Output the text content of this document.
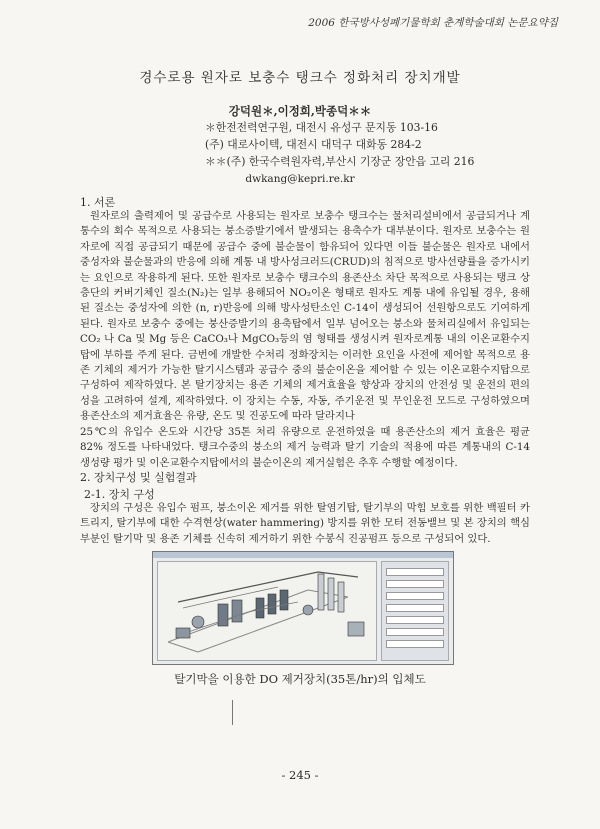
2006 한국방사성폐기물학회 춘계학술대회 논문요약집
경수로용 원자로 보충수 탱크수 정화처리 장치개발
강덕원＊,이정희,박종덕＊＊
＊한전전력연구원, 대전시 유성구 문지동 103-16
(주) 대로사이텍, 대전시 대덕구 대화동 284-2
＊＊(주) 한국수력원자력,부산시 기장군 장안읍 고리 216
dwkang@kepri.re.kr
1. 서론

원자로의 출력제어 및 공급수로 사용되는 원자로 보충수 탱크수는 물처리설비에서 공급되거나 계통수의 회수 목적으로 사용되는 붕소증발기에서 발생되는 용축수가 대부분이다. 원자로 보충수는 원자로에 직접 공급되기 때문에 공급수 중에 불순물이 함유되어 있다면 이들 불순물은 원자로 내에서 중성자와 불순물과의 반응에 의해 계통 내 방사성크러드(CRUD)의 침적으로 방사선량률을 증가시키는 요인으로 작용하게 된다. 또한 원자로 보충수 탱크수의 용존산소 차단 목적으로 사용되는 탱크 상층단의 커버기체인 질소(N₂)는 일부 용해되어 NO₂이온 형태로 원자도 계통 내에 유입될 경우, 용해된 질소는 중성자에 의한 (n, r)반응에 의해 방사성탄소인 C-14이 생성되어 선원항으로도 기여하게 된다. 원자로 보충수 중에는 붕산증발기의 용축탑에서 일부 넘어오는 붕소와 물처리실에서 유입되는 CO₂ 나 Ca 및 Mg 등은 CaCO₃나 MgCO₃등의 염 형태를 생성시켜 원자로계통 내의 이온교환수지탑에 부하를 주게 된다. 금번에 개발한 수처리 정화장치는 이러한 요인을 사전에 제어할 목적으로 용존 기체의 제거가 가능한 탈기시스템과 공급수 중의 불순이온을 제어할 수 있는 이온교환수지탑으로 구성하여 제작하였다. 본 탈기장치는 용존 기체의 제거효율을 향상과 장치의 안전성 및 운전의 편의성을 고려하여 설계, 제작하였다. 이 장치는 수동, 자동, 주기운전 및 무인운전 모드로 구성하였으며 용존산소의 제거효율은 유량, 온도 및 진공도에 따라 달라지나

25℃의 유입수 온도와 시간당 35톤 처리 유량으로 운전하였을 때 용존산소의 제거 효율은 평균 82% 정도를 나타내었다. 탱크수중의 붕소의 제거 능력과 탈기 기술의 적용에 따른 계통내의 C-14 생성량 평가 및 이온교환수지탑에서의 불순이온의 제거실험은 추후 수행할 예정이다.

2. 장치구성 및 실험결과
2-1. 장치 구성

장치의 구성은 유입수 펌프, 붕소이온 제거를 위한 탈염기탑, 탈기부의 막힘 보호를 위한 백필터 카트리지, 탈기부에 대한 수격현상(water hammering) 방지를 위한 모터 전동밸브 및 본 장치의 핵심부분인 탈기막 및 용존 기체를 신속히 제거하기 위한 수봉식 진공펌프 등으로 구성되어 있다.

탈기막을 이용한 DO 제거장치(35톤/hr)의 입체도
- 245 -
